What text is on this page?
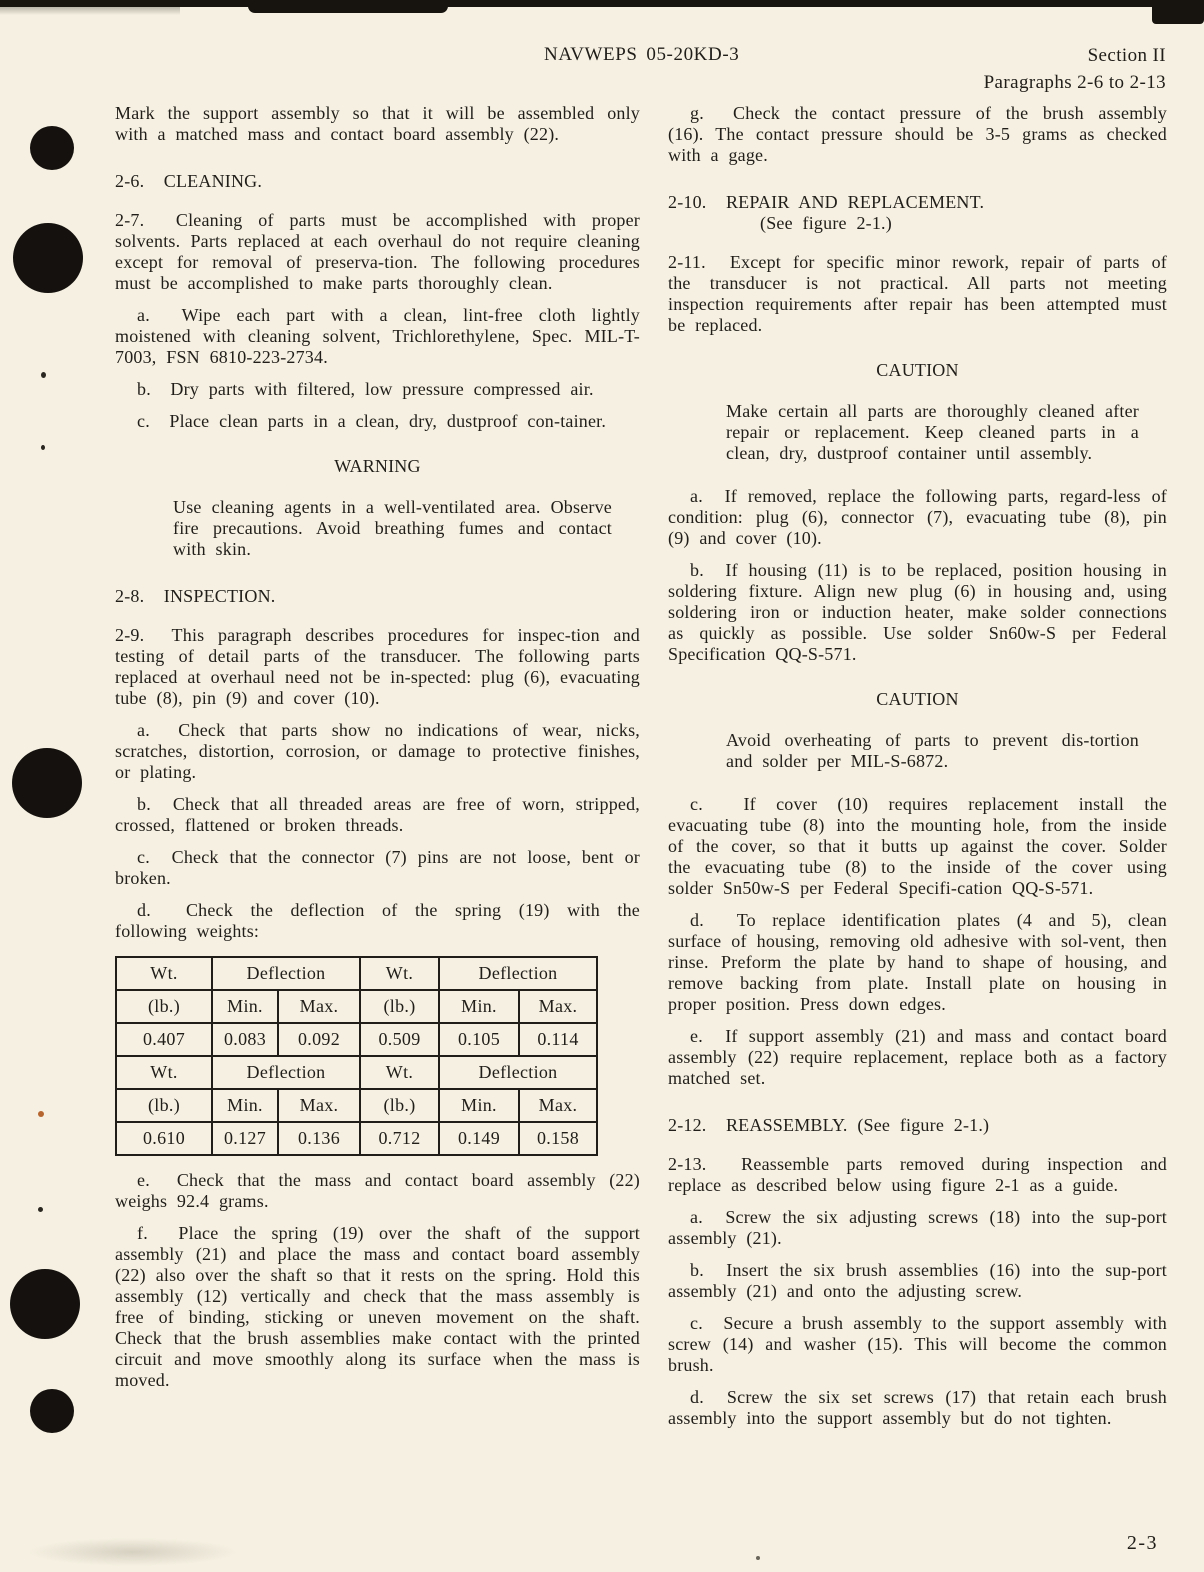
NAVWEPS 05-20KD-3	Section II
Paragraphs 2-6 to 2-13

Mark the support assembly so that it will be assembled only with a matched mass and contact board assembly (22).

2-6.  CLEANING.

2-7.  Cleaning of parts must be accomplished with proper solvents. Parts replaced at each overhaul do not require cleaning except for removal of preserva-tion. The following procedures must be accomplished to make parts thoroughly clean.

a.  Wipe each part with a clean, lint-free cloth lightly moistened with cleaning solvent, Trichlorethylene, Spec. MIL-T-7003, FSN 6810-223-2734.

b.  Dry parts with filtered, low pressure compressed air.

c.  Place clean parts in a clean, dry, dustproof con-tainer.

WARNING

Use cleaning agents in a well-ventilated area. Observe fire precautions. Avoid breathing fumes and contact with skin.

2-8.  INSPECTION.

2-9.  This paragraph describes procedures for inspec-tion and testing of detail parts of the transducer. The following parts replaced at overhaul need not be in-spected: plug (6), evacuating tube (8), pin (9) and cover (10).

a.  Check that parts show no indications of wear, nicks, scratches, distortion, corrosion, or damage to protective finishes, or plating.

b.  Check that all threaded areas are free of worn, stripped, crossed, flattened or broken threads.

c.  Check that the connector (7) pins are not loose, bent or broken.

d.  Check the deflection of the spring (19) with the following weights:

Wt.	Deflection		Wt.	Deflection	
(lb.)	Min.	Max.	(lb.)	Min.	Max.
0.407	0.083	0.092	0.509	0.105	0.114
Wt.	Deflection		Wt.	Deflection	
(lb.)	Min.	Max.	(lb.)	Min.	Max.
0.610	0.127	0.136	0.712	0.149	0.158

e.  Check that the mass and contact board assembly (22) weighs 92.4 grams.

f.  Place the spring (19) over the shaft of the support assembly (21) and place the mass and contact board assembly (22) also over the shaft so that it rests on the spring. Hold this assembly (12) vertically and check that the mass assembly is free of binding, sticking or uneven movement on the shaft. Check that the brush assemblies make contact with the printed circuit and move smoothly along its surface when the mass is moved.

g.  Check the contact pressure of the brush assembly (16). The contact pressure should be 3-5 grams as checked with a gage.

2-10.  REPAIR AND REPLACEMENT.
(See figure 2-1.)

2-11.  Except for specific minor rework, repair of parts of the transducer is not practical. All parts not meeting inspection requirements after repair has been attempted must be replaced.

CAUTION

Make certain all parts are thoroughly cleaned after repair or replacement. Keep cleaned parts in a clean, dry, dustproof container until assembly.

a.  If removed, replace the following parts, regard-less of condition: plug (6), connector (7), evacuating tube (8), pin (9) and cover (10).

b.  If housing (11) is to be replaced, position housing in soldering fixture. Align new plug (6) in housing and, using soldering iron or induction heater, make solder connections as quickly as possible. Use solder Sn60w-S per Federal Specification QQ-S-571.

CAUTION

Avoid overheating of parts to prevent dis-tortion and solder per MIL-S-6872.

c.  If cover (10) requires replacement install the evacuating tube (8) into the mounting hole, from the inside of the cover, so that it butts up against the cover. Solder the evacuating tube (8) to the inside of the cover using solder Sn50w-S per Federal Specifi-cation QQ-S-571.

d.  To replace identification plates (4 and 5), clean surface of housing, removing old adhesive with sol-vent, then rinse. Preform the plate by hand to shape of housing, and remove backing from plate. Install plate on housing in proper position. Press down edges.

e.  If support assembly (21) and mass and contact board assembly (22) require replacement, replace both as a factory matched set.

2-12.  REASSEMBLY. (See figure 2-1.)

2-13.  Reassemble parts removed during inspection and replace as described below using figure 2-1 as a guide.

a.  Screw the six adjusting screws (18) into the sup-port assembly (21).

b.  Insert the six brush assemblies (16) into the sup-port assembly (21) and onto the adjusting screw.

c.  Secure a brush assembly to the support assembly with screw (14) and washer (15). This will become the common brush.

d.  Screw the six set screws (17) that retain each brush assembly into the support assembly but do not tighten.

2-3
